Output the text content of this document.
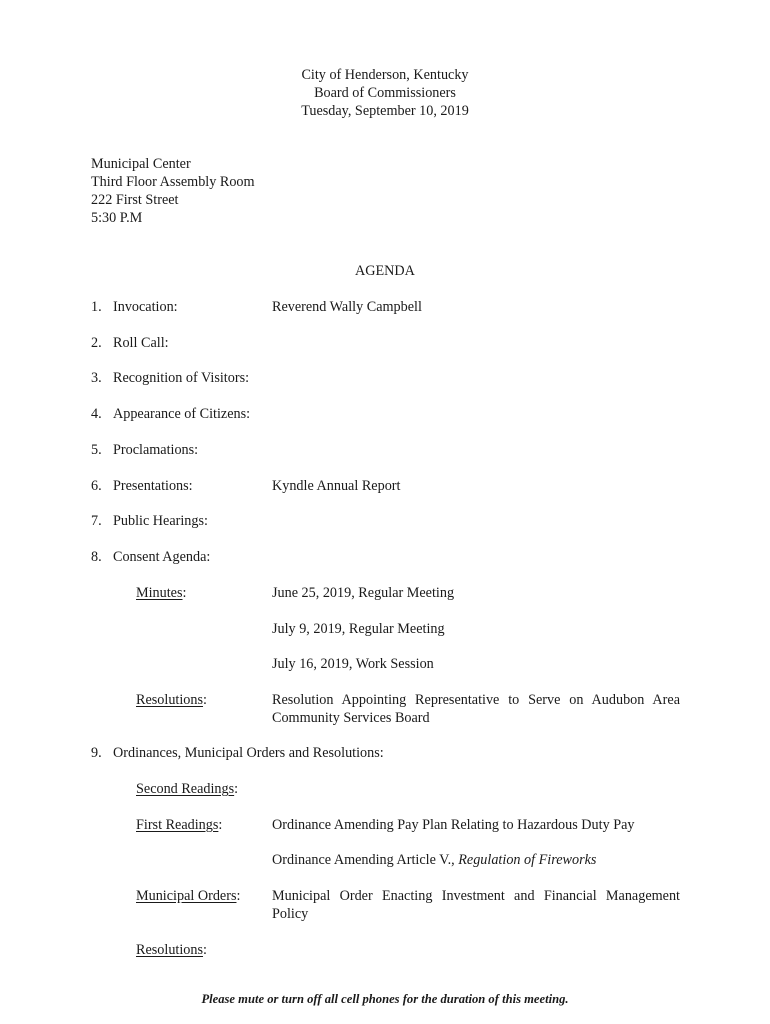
City of Henderson, Kentucky
Board of Commissioners
Tuesday, September 10, 2019
Municipal Center
Third Floor Assembly Room
222 First Street
5:30 P.M
AGENDA
1. Invocation:	Reverend Wally Campbell
2. Roll Call:
3. Recognition of Visitors:
4. Appearance of Citizens:
5. Proclamations:
6. Presentations:	Kyndle Annual Report
7. Public Hearings:
8. Consent Agenda:
Minutes:	June 25, 2019, Regular Meeting
July 9, 2019, Regular Meeting
July 16, 2019, Work Session
Resolutions:	Resolution Appointing Representative to Serve on Audubon Area Community Services Board
9. Ordinances, Municipal Orders and Resolutions:
Second Readings:
First Readings:	Ordinance Amending Pay Plan Relating to Hazardous Duty Pay
Ordinance Amending Article V., Regulation of Fireworks
Municipal Orders: Municipal Order Enacting Investment and Financial Management Policy
Resolutions:
Please mute or turn off all cell phones for the duration of this meeting.
